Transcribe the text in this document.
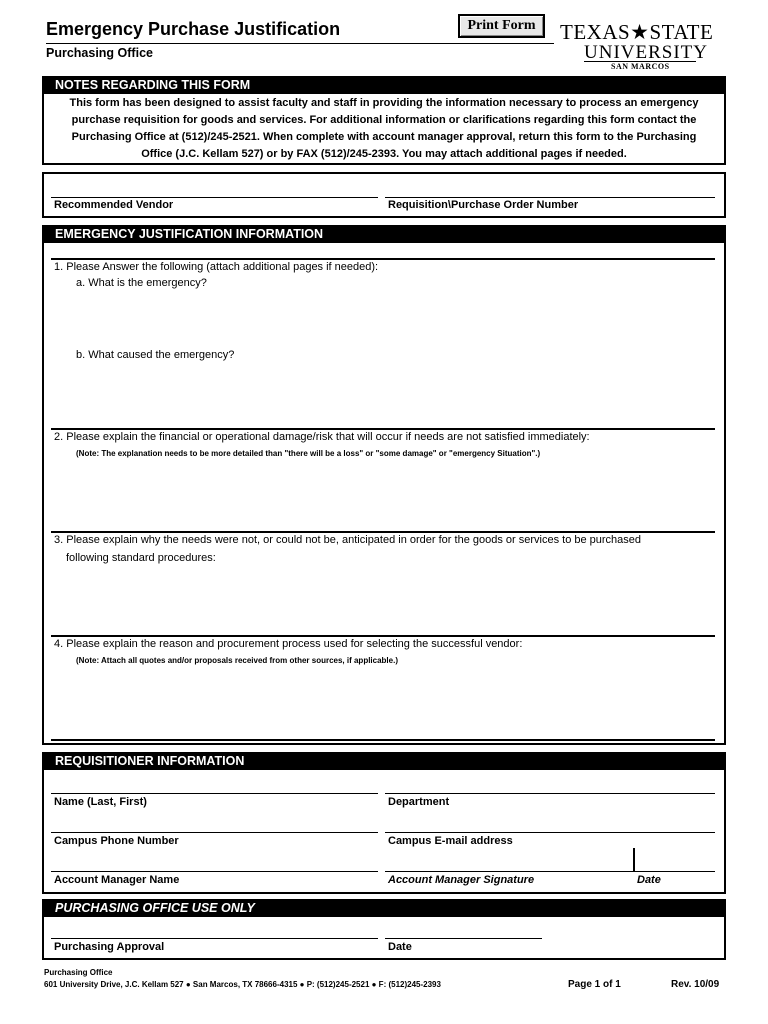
Emergency Purchase Justification
Purchasing Office
Print Form	TEXAS★STATE
UNIVERSITY
SAN MARCOS
NOTES REGARDING THIS FORM
This form has been designed to assist faculty and staff in providing the information necessary to process an emergency
purchase requisition for goods and services. For additional information or clarifications regarding this form contact the
Purchasing Office at (512)/245-2521. When complete with account manager approval, return this form to the Purchasing
Office (J.C. Kellam 527) or by FAX (512)/245-2393. You may attach additional pages if needed.
Recommended Vendor	Requisition\Purchase Order Number
EMERGENCY JUSTIFICATION INFORMATION
1. Please Answer the following (attach additional pages if needed):
a. What is the emergency?
b. What caused the emergency?
2. Please explain the financial or operational damage/risk that will occur if needs are not satisfied immediately:
(Note: The explanation needs to be more detailed than "there will be a loss" or "some damage" or "emergency Situation".)
3. Please explain why the needs were not, or could not be, anticipated in order for the goods or services to be purchased
following standard procedures:
4. Please explain the reason and procurement process used for selecting the successful vendor:
(Note: Attach all quotes and/or proposals received from other sources, if applicable.)
REQUISITIONER INFORMATION
Name (Last, First)	Department
Campus Phone Number	Campus E-mail address
Account Manager Name	Account Manager Signature	Date
PURCHASING OFFICE USE ONLY
Purchasing Approval	Date
Purchasing Office
601 University Drive, J.C. Kellam 527 ● San Marcos, TX 78666-4315 ● P: (512)245-2521 ● F: (512)245-2393	Page 1 of 1	Rev. 10/09
